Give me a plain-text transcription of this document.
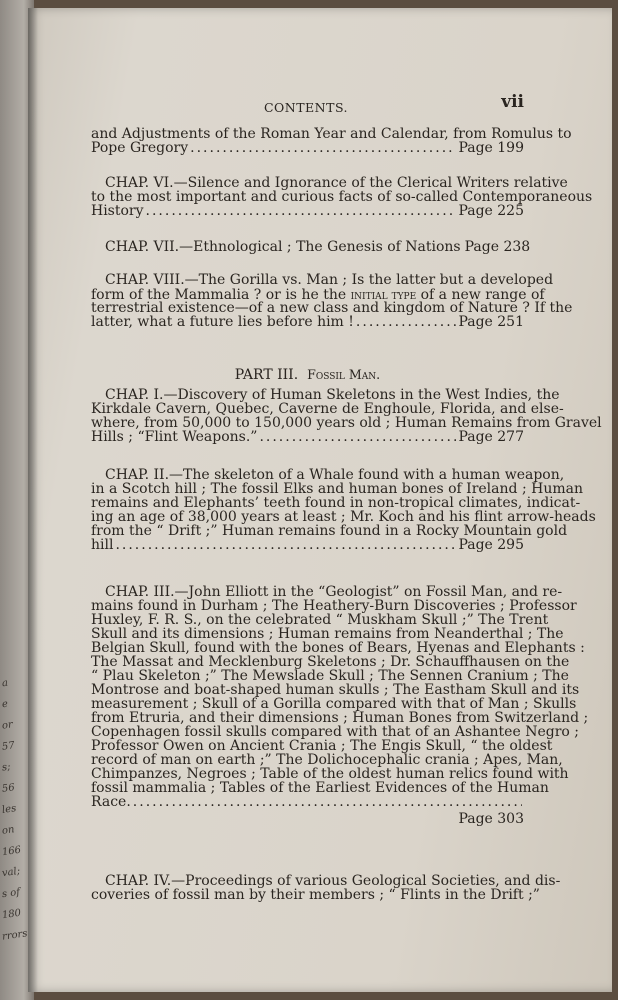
a
e
or
57
s;
56
les
on
166
val;
s of
180
rrors
CONTENTS.	vii
and Adjustments of the Roman Year and Calendar, from Romulus to
Pope Gregory .....	Page 199
CHAP. VI.—Silence and Ignorance of the Clerical Writers relative
to the most important and curious facts of so-called Contemporaneous
History .....	Page 225
CHAP. VII.—Ethnological ; The Genesis of Nations Page 238
CHAP. VIII.—The Gorilla vs. Man ; Is the latter but a developed
form of the Mammalia ? or is he the initial type of a new range of
terrestrial existence—of a new class and kingdom of Nature ? If the
latter, what a future lies before him ! .....	Page 251
PART III. Fossil Man.
CHAP. I.—Discovery of Human Skeletons in the West Indies, the
Kirkdale Cavern, Quebec, Caverne de Enghoule, Florida, and else-
where, from 50,000 to 150,000 years old ; Human Remains from Gravel
Hills ; “Flint Weapons.” .....	Page 277
CHAP. II.—The skeleton of a Whale found with a human weapon,
in a Scotch hill ; The fossil Elks and human bones of Ireland ; Human
remains and Elephants’ teeth found in non-tropical climates, indicat-
ing an age of 38,000 years at least ; Mr. Koch and his flint arrow-heads
from the “ Drift ;” Human remains found in a Rocky Mountain gold
hill .....	Page 295
CHAP. III.—John Elliott in the “Geologist” on Fossil Man, and re-
mains found in Durham ; The Heathery-Burn Discoveries ; Professor
Huxley, F. R. S., on the celebrated “ Muskham Skull ;” The Trent
Skull and its dimensions ; Human remains from Neanderthal ; The
Belgian Skull, found with the bones of Bears, Hyenas and Elephants :
The Massat and Mecklenburg Skeletons ; Dr. Schauffhausen on the
“ Plau Skeleton ;” The Mewslade Skull ; The Sennen Cranium ; The
Montrose and boat-shaped human skulls ; The Eastham Skull and its
measurement ; Skull of a Gorilla compared with that of Man ; Skulls
from Etruria, and their dimensions ; Human Bones from Switzerland ;
Copenhagen fossil skulls compared with that of an Ashantee Negro ;
Professor Owen on Ancient Crania ; The Engis Skull, “ the oldest
record of man on earth ;” The Dolichocephalic crania ; Apes, Man,
Chimpanzes, Negroes ; Table of the oldest human relics found with
fossil mammalia ; Tables of the Earliest Evidences of the Human
Race.
.....
Page 303
CHAP. IV.—Proceedings of various Geological Societies, and dis-
coveries of fossil man by their members ; “ Flints in the Drift ;”
